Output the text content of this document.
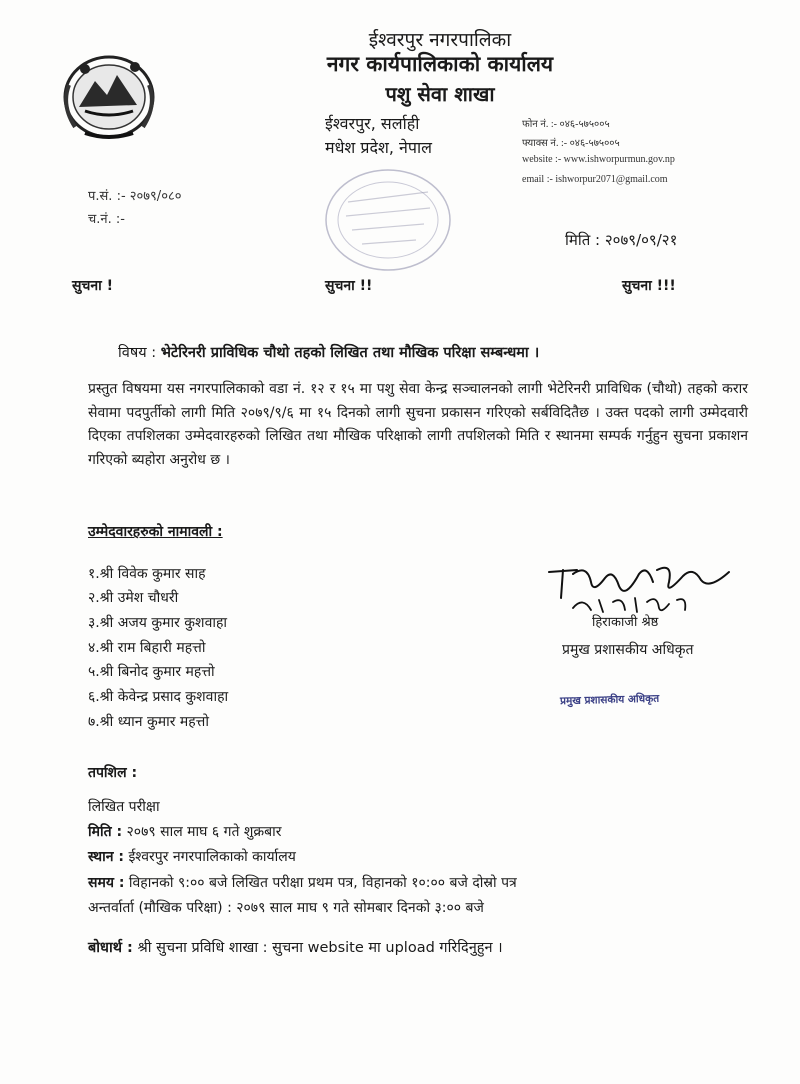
ईश्वरपुर नगरपालिका
नगर कार्यपालिकाको कार्यालय
पशु सेवा शाखा
ईश्वरपुर, सर्लाही
मधेश प्रदेश, नेपाल
फोन नं. :- ०४६-५७५००५
फ्याक्स नं. :- ०४६-५७५००५
website :- www.ishworpurmun.gov.np
email :- ishworpur2071@gmail.com
प.सं. :- २०७९/०८०
च.नं. :-
मिति : २०७९/०९/२१
सुचना !	सुचना !!	सुचना !!!
विषय : भेटेरिनरी प्राविधिक चौथो तहको लिखित तथा मौखिक परिक्षा सम्बन्धमा ।
प्रस्तुत विषयमा यस नगरपालिकाको वडा नं. १२ र १५ मा पशु सेवा केन्द्र सञ्चालनको लागी भेटेरिनरी प्राविधिक (चौथो) तहको करार सेवामा पदपुर्तीको लागी मिति २०७९/९/६ मा १५ दिनको लागी सुचना प्रकासन गरिएको सर्बविदितैछ । उक्त पदको लागी उम्मेदवारी दिएका तपशिलका उम्मेदवारहरुको लिखित तथा मौखिक परिक्षाको लागी तपशिलको मिति र स्थानमा सम्पर्क गर्नुहुन सुचना प्रकाशन गरिएको ब्यहोरा अनुरोध छ ।
उम्मेदवारहरुको नामावली :
१.श्री विवेक कुमार साह
२.श्री उमेश चौधरी
३.श्री अजय कुमार कुशवाहा
४.श्री राम बिहारी महत्तो
५.श्री बिनोद कुमार महत्तो
६.श्री केवेन्द्र प्रसाद कुशवाहा
७.श्री ध्यान कुमार महत्तो
हिराकाजी श्रेष्ठ
प्रमुख प्रशासकीय अधिकृत
प्रमुख प्रशासकीय अधिकृत
तपशिल :
लिखित परीक्षा
मिति : २०७९ साल माघ ६ गते शुक्रबार
स्थान : ईश्वरपुर नगरपालिकाको कार्यालय
समय : विहानको ९:०० बजे लिखित परीक्षा प्रथम पत्र, विहानको १०:०० बजे दोस्रो पत्र
अन्तर्वार्ता (मौखिक परिक्षा) : २०७९ साल माघ ९ गते सोमबार दिनको ३:०० बजे
बोधार्थ : श्री सुचना प्रविधि शाखा : सुचना website मा upload गरिदिनुहुन ।
